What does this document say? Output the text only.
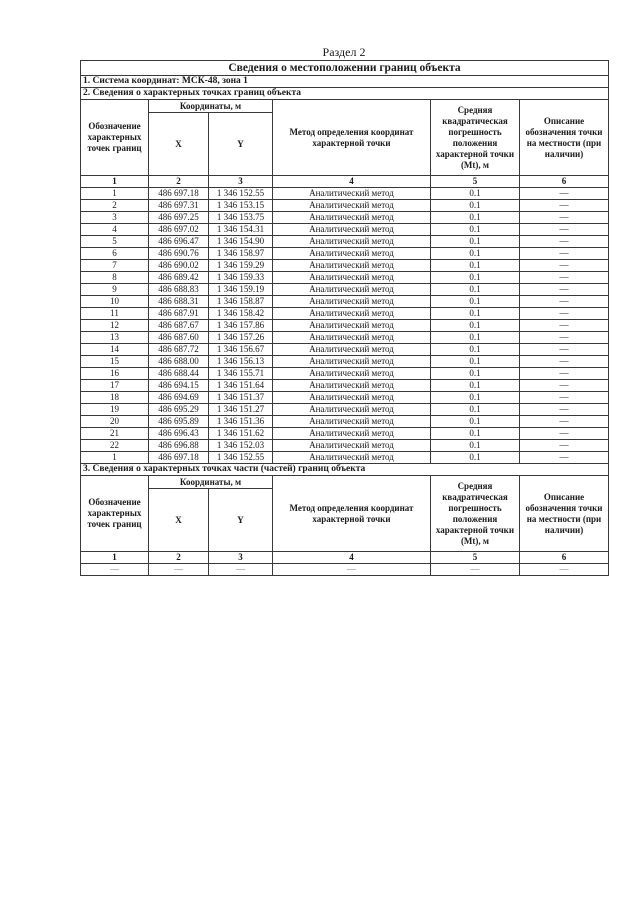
Раздел 2
Сведения о местоположении границ объекта					
1. Система координат: МСК-48, зона 1					
2. Сведения о характерных точках границ объекта					
Обозначение характерных точек границ	Координаты, м		Метод определения координат характерной точки	Средняя квадратическая погрешность положения характерной точки (Mt), м	Описание обозначения точки на местности (при наличии)
	X	Y			
1	2	3	4	5	6
1	486 697.18	1 346 152.55	Аналитический метод	0.1	—
2	486 697.31	1 346 153.15	Аналитический метод	0.1	—
3	486 697.25	1 346 153.75	Аналитический метод	0.1	—
4	486 697.02	1 346 154.31	Аналитический метод	0.1	—
5	486 696.47	1 346 154.90	Аналитический метод	0.1	—
6	486 690.76	1 346 158.97	Аналитический метод	0.1	—
7	486 690.02	1 346 159.29	Аналитический метод	0.1	—
8	486 689.42	1 346 159.33	Аналитический метод	0.1	—
9	486 688.83	1 346 159.19	Аналитический метод	0.1	—
10	486 688.31	1 346 158.87	Аналитический метод	0.1	—
11	486 687.91	1 346 158.42	Аналитический метод	0.1	—
12	486 687.67	1 346 157.86	Аналитический метод	0.1	—
13	486 687.60	1 346 157.26	Аналитический метод	0.1	—
14	486 687.72	1 346 156.67	Аналитический метод	0.1	—
15	486 688.00	1 346 156.13	Аналитический метод	0.1	—
16	486 688.44	1 346 155.71	Аналитический метод	0.1	—
17	486 694.15	1 346 151.64	Аналитический метод	0.1	—
18	486 694.69	1 346 151.37	Аналитический метод	0.1	—
19	486 695.29	1 346 151.27	Аналитический метод	0.1	—
20	486 695.89	1 346 151.36	Аналитический метод	0.1	—
21	486 696.43	1 346 151.62	Аналитический метод	0.1	—
22	486 696.88	1 346 152.03	Аналитический метод	0.1	—
1	486 697.18	1 346 152.55	Аналитический метод	0.1	—
3. Сведения о характерных точках части (частей) границ объекта					
Обозначение характерных точек границ	Координаты, м		Метод определения координат характерной точки	Средняя квадратическая погрешность положения характерной точки (Mt), м	Описание обозначения точки на местности (при наличии)
	X	Y			
1	2	3	4	5	6
—	—	—	—	—	—
